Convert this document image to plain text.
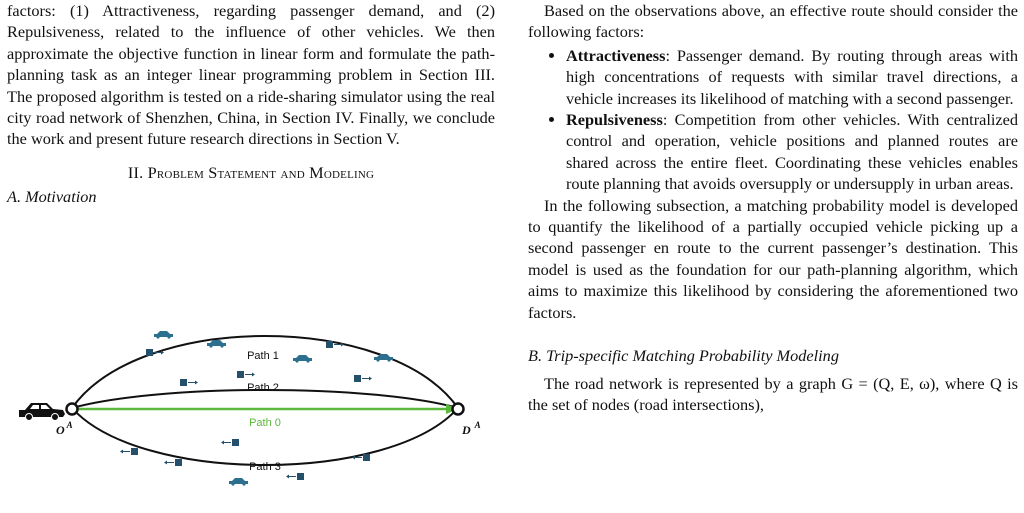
factors: (1) Attractiveness, regarding passenger demand, and (2) Repulsiveness, related to the influence of other vehicles. We then approximate the objective function in linear form and formulate the path-planning task as an integer linear programming problem in Section III. The proposed algorithm is tested on a ride-sharing simulator using the real city road network of Shenzhen, China, in Section IV. Finally, we conclude the work and present future research directions in Section V.

II. Problem Statement and Modeling
A. Motivation
Path 1
Path 2
Path 0
Path 3
O $^A$	D $^A$

Based on the observations above, an effective route should consider the following factors:

• Attractiveness: Passenger demand. By routing through areas with high concentrations of requests with similar travel directions, a vehicle increases its likelihood of matching with a second passenger.
• Repulsiveness: Competition from other vehicles. With centralized control and operation, vehicle positions and planned routes are shared across the entire fleet. Coordinating these vehicles enables route planning that avoids oversupply or undersupply in urban areas.

In the following subsection, a matching probability model is developed to quantify the likelihood of a partially occupied vehicle picking up a second passenger en route to the current passenger’s destination. This model is used as the foundation for our path-planning algorithm, which aims to maximize this likelihood by considering the aforementioned two factors.

B. Trip-specific Matching Probability Modeling

The road network is represented by a graph G = (Q, E, ω), where Q is the set of nodes (road intersections),
